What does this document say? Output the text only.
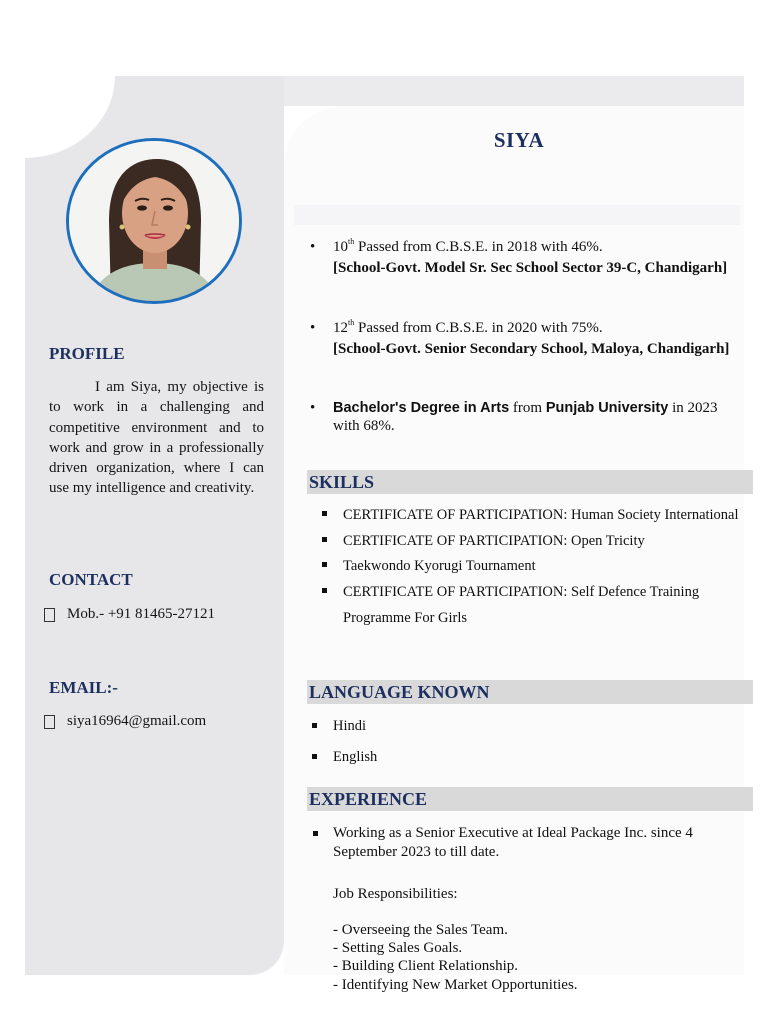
PROFILE
I am Siya, my objective is to work in a challenging and competitive environment and to work and grow in a professionally driven organization, where I can use my intelligence and creativity.
CONTACT
Mob.- +91 81465-27121
EMAIL:-
siya16964@gmail.com
SIYA
• 10th Passed from C.B.S.E. in 2018 with 46%.
[School-Govt. Model Sr. Sec School Sector 39-C, Chandigarh]
• 12th Passed from C.B.S.E. in 2020 with 75%.
[School-Govt. Senior Secondary School, Maloya, Chandigarh]
• Bachelor's Degree in Arts from Punjab University in 2023 with 68%.
SKILLS
CERTIFICATE OF PARTICIPATION: Human Society International
CERTIFICATE OF PARTICIPATION: Open Tricity
Taekwondo Kyorugi Tournament
CERTIFICATE OF PARTICIPATION: Self Defence Training Programme For Girls
LANGUAGE KNOWN
Hindi
English
EXPERIENCE
Working as a Senior Executive at Ideal Package Inc. since 4 September 2023 to till date.
Job Responsibilities:
- Overseeing the Sales Team.
- Setting Sales Goals.
- Building Client Relationship.
- Identifying New Market Opportunities.
